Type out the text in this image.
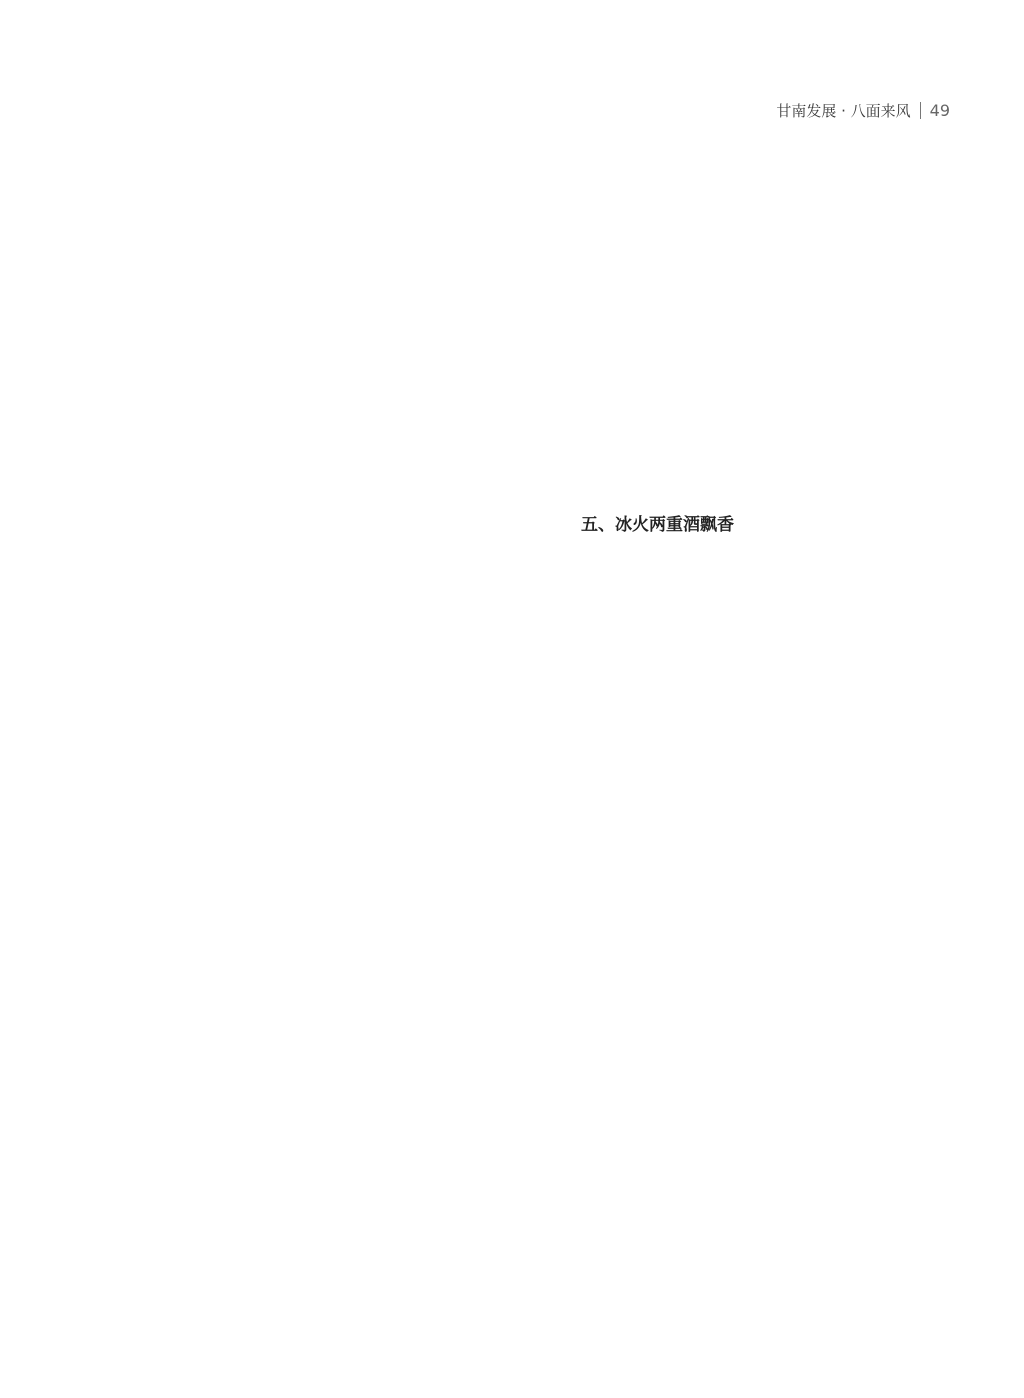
甘南发展 · 八面来风 49
五、冰火两重酒飘香
